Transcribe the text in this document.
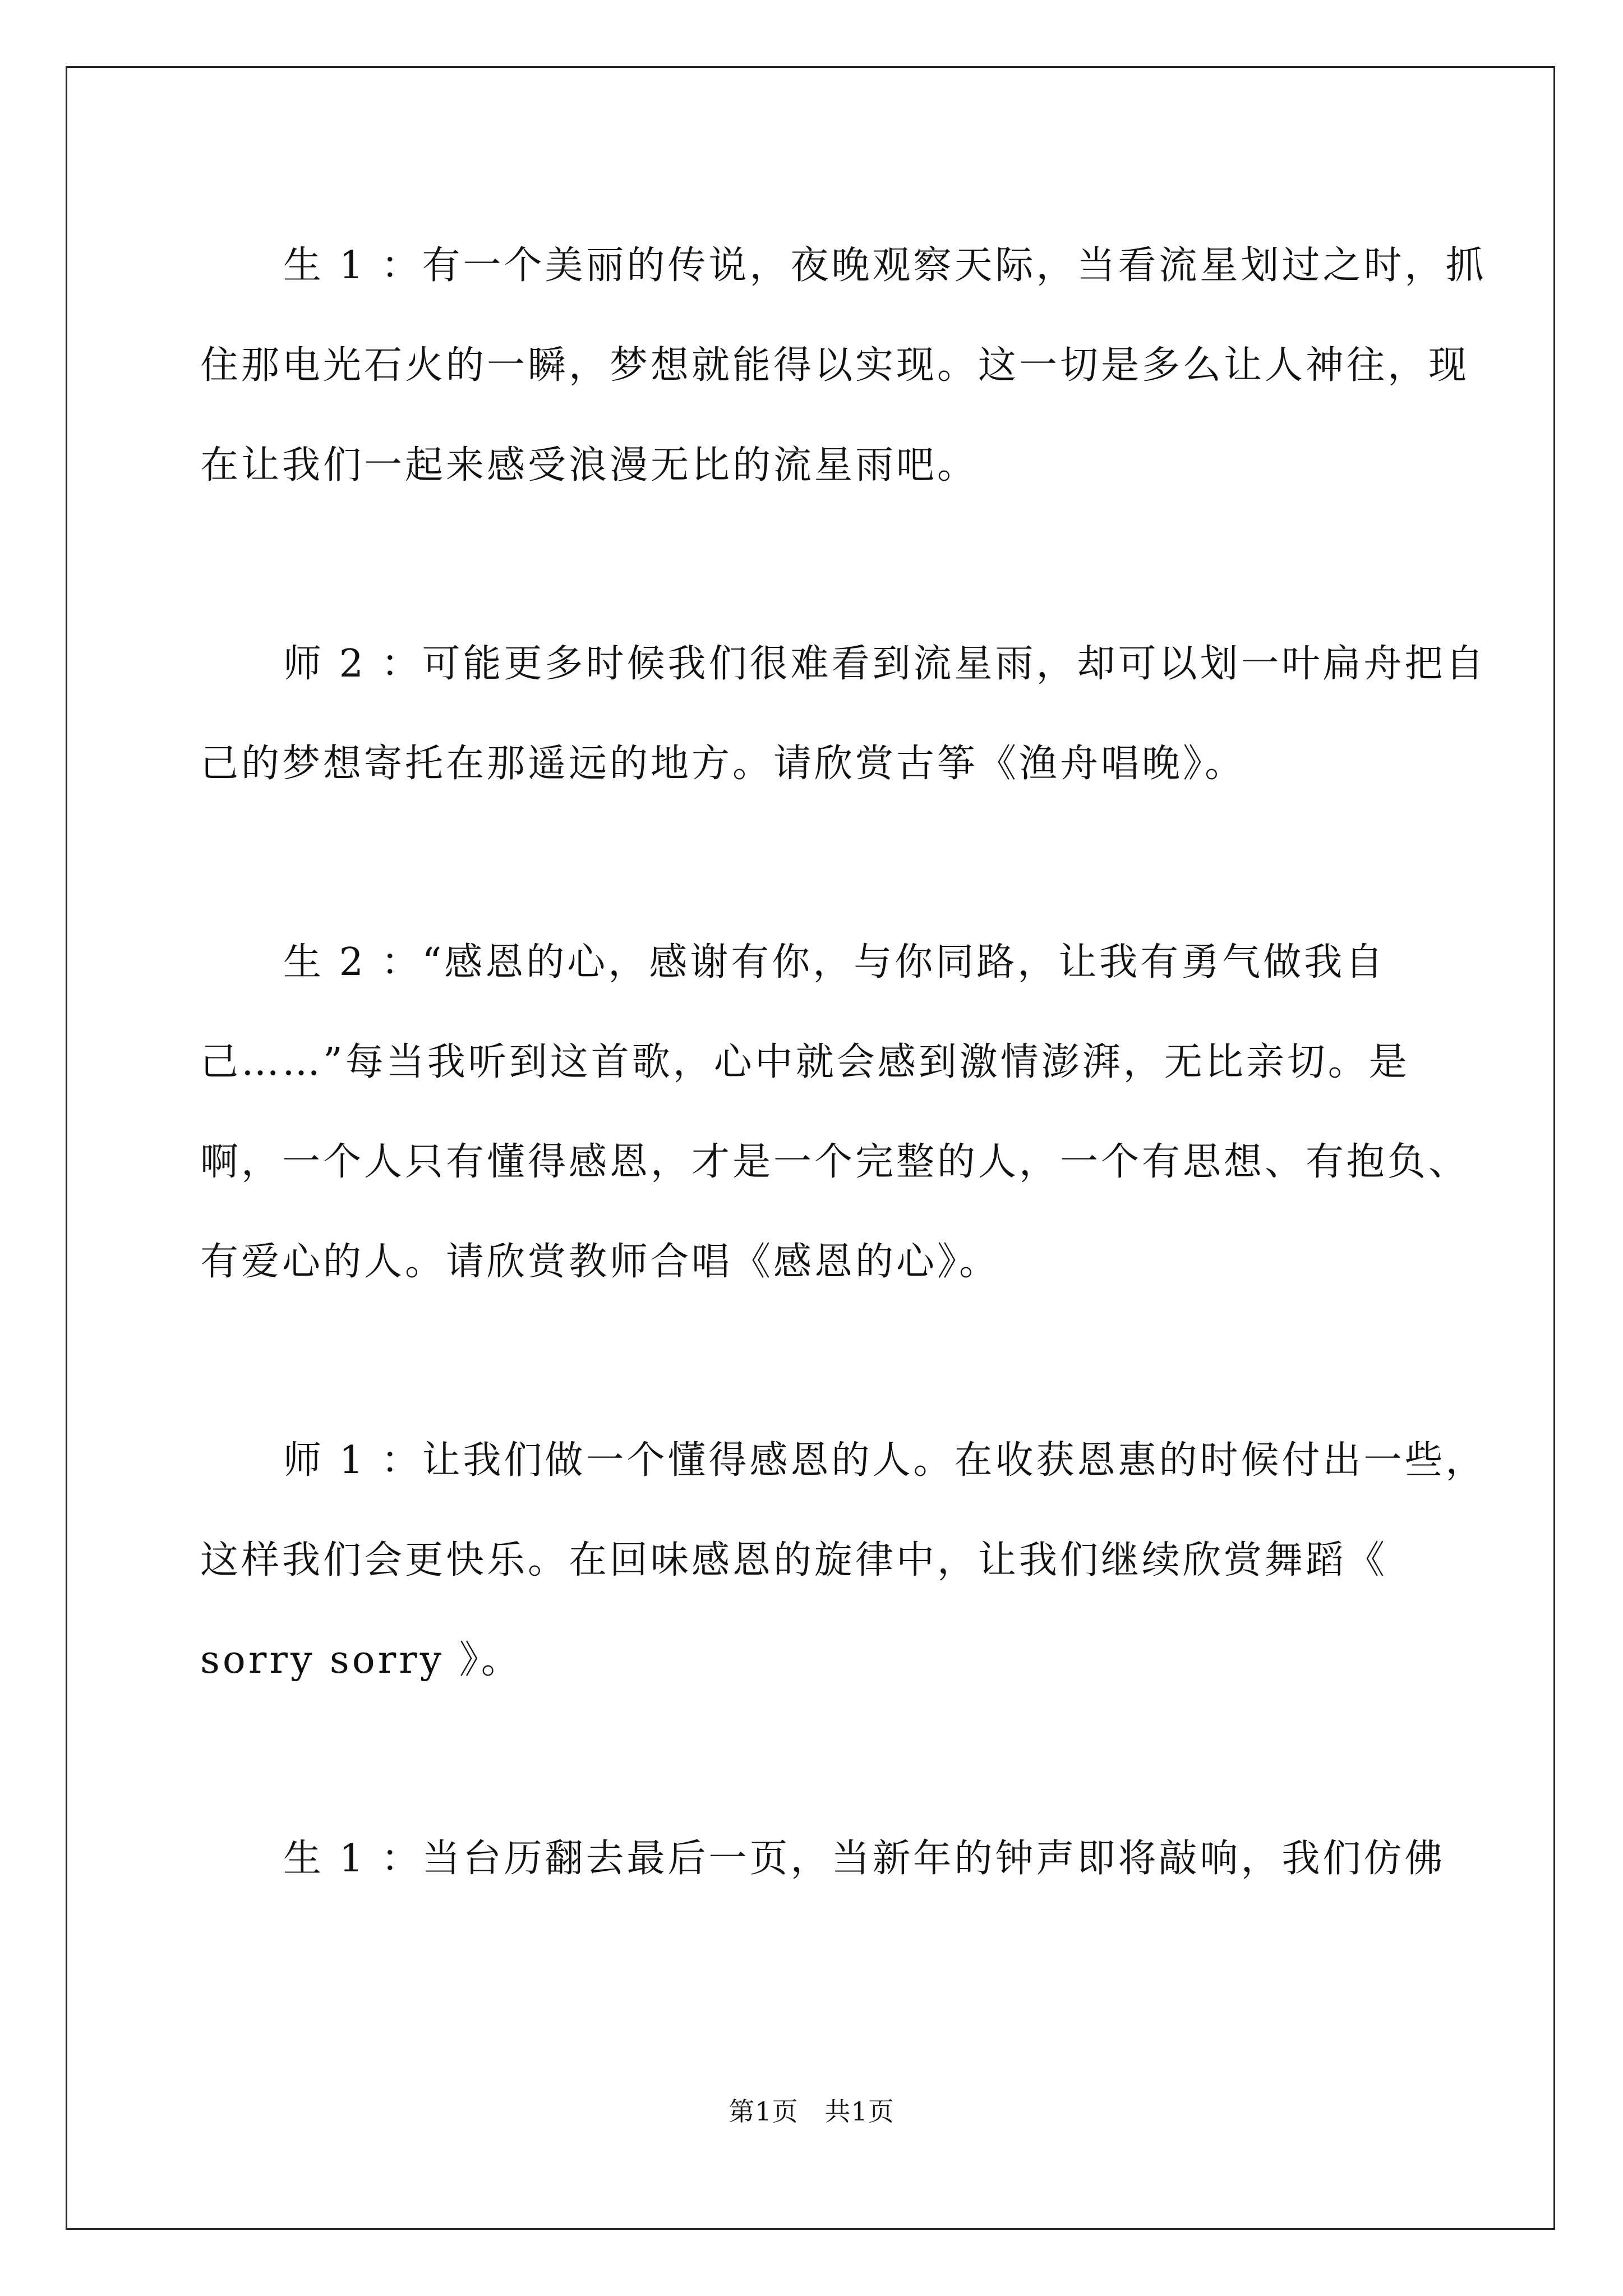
生 1 ：有一个美丽的传说，夜晚观察天际，当看流星划过之时，抓住那电光石火的一瞬，梦想就能得以实现。这一切是多么让人神往，现在让我们一起来感受浪漫无比的流星雨吧。

师 2 ：可能更多时候我们很难看到流星雨，却可以划一叶扁舟把自己的梦想寄托在那遥远的地方。请欣赏古筝《渔舟唱晚》。

生 2 ：“感恩的心，感谢有你，与你同路，让我有勇气做我自己……”每当我听到这首歌，心中就会感到激情澎湃，无比亲切。是啊，一个人只有懂得感恩，才是一个完整的人，一个有思想、有抱负、有爱心的人。请欣赏教师合唱《感恩的心》。

师 1 ：让我们做一个懂得感恩的人。在收获恩惠的时候付出一些，这样我们会更快乐。在回味感恩的旋律中，让我们继续欣赏舞蹈《 sorry sorry 》。

生 1 ：当台历翻去最后一页，当新年的钟声即将敲响，我们仿佛

第1页   共1页
